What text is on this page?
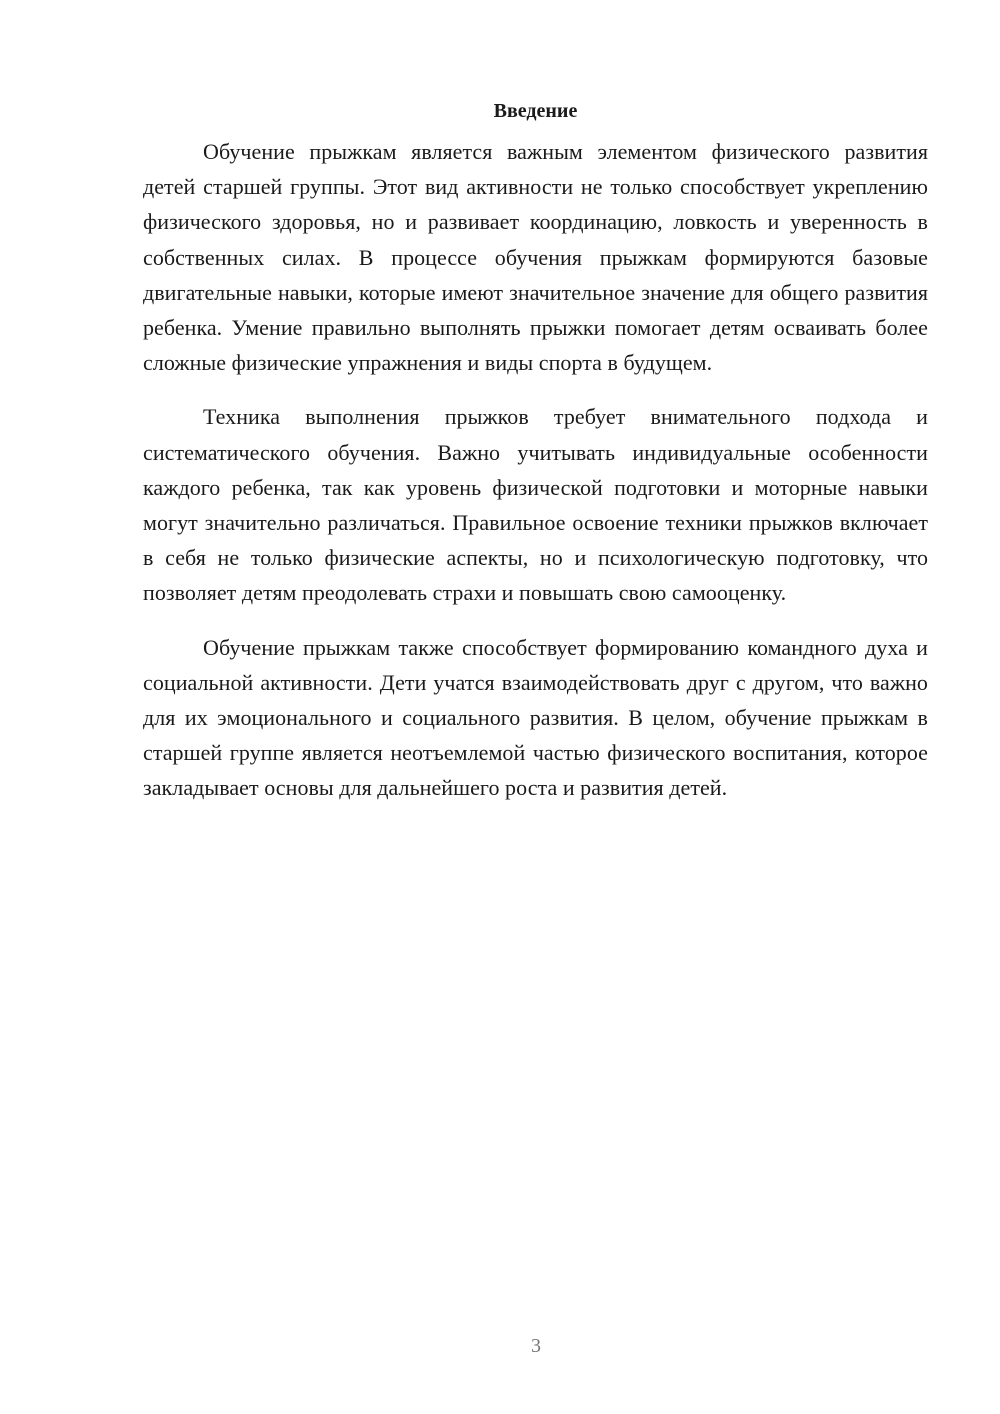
Введение

Обучение прыжкам является важным элементом физического развития детей старшей группы. Этот вид активности не только способствует укреплению физического здоровья, но и развивает координацию, ловкость и уверенность в собственных силах. В процессе обучения прыжкам формируются базовые двигательные навыки, которые имеют значительное значение для общего развития ребенка. Умение правильно выполнять прыжки помогает детям осваивать более сложные физические упражнения и виды спорта в будущем.

Техника выполнения прыжков требует внимательного подхода и систематического обучения. Важно учитывать индивидуальные особенности каждого ребенка, так как уровень физической подготовки и моторные навыки могут значительно различаться. Правильное освоение техники прыжков включает в себя не только физические аспекты, но и психологическую подготовку, что позволяет детям преодолевать страхи и повышать свою самооценку.

Обучение прыжкам также способствует формированию командного духа и социальной активности. Дети учатся взаимодействовать друг с другом, что важно для их эмоционального и социального развития. В целом, обучение прыжкам в старшей группе является неотъемлемой частью физического воспитания, которое закладывает основы для дальнейшего роста и развития детей.

3
